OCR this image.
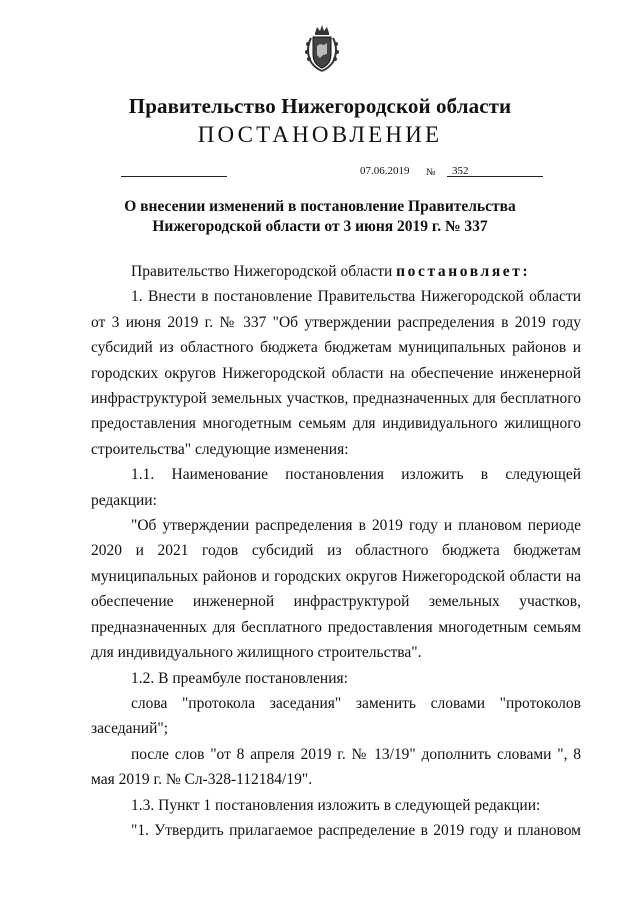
Правительство Нижегородской области
ПОСТАНОВЛЕНИЕ
07.06.2019 № 352
О внесении изменений в постановление Правительства
Нижегородской области от 3 июня 2019 г. № 337

Правительство Нижегородской области постановляет:

1. Внести в постановление Правительства Нижегородской области от 3 июня 2019 г. № 337 "Об утверждении распределения в 2019 году субсидий из областного бюджета бюджетам муниципальных районов и городских округов Нижегородской области на обеспечение инженерной инфраструктурой земельных участков, предназначенных для бесплатного предоставления многодетным семьям для индивидуального жилищного строительства" следующие изменения:

1.1. Наименование постановления изложить в следующей редакции:

"Об утверждении распределения в 2019 году и плановом периоде 2020 и 2021 годов субсидий из областного бюджета бюджетам муниципальных районов и городских округов Нижегородской области на обеспечение инженерной инфраструктурой земельных участков, предназначенных для бесплатного предоставления многодетным семьям для индивидуального жилищного строительства".

1.2. В преамбуле постановления:

слова "протокола заседания" заменить словами "протоколов заседаний";

после слов "от 8 апреля 2019 г. № 13/19" дополнить словами ", 8 мая 2019 г. № Сл-328-112184/19".

1.3. Пункт 1 постановления изложить в следующей редакции:

"1. Утвердить прилагаемое распределение в 2019 году и плановом
